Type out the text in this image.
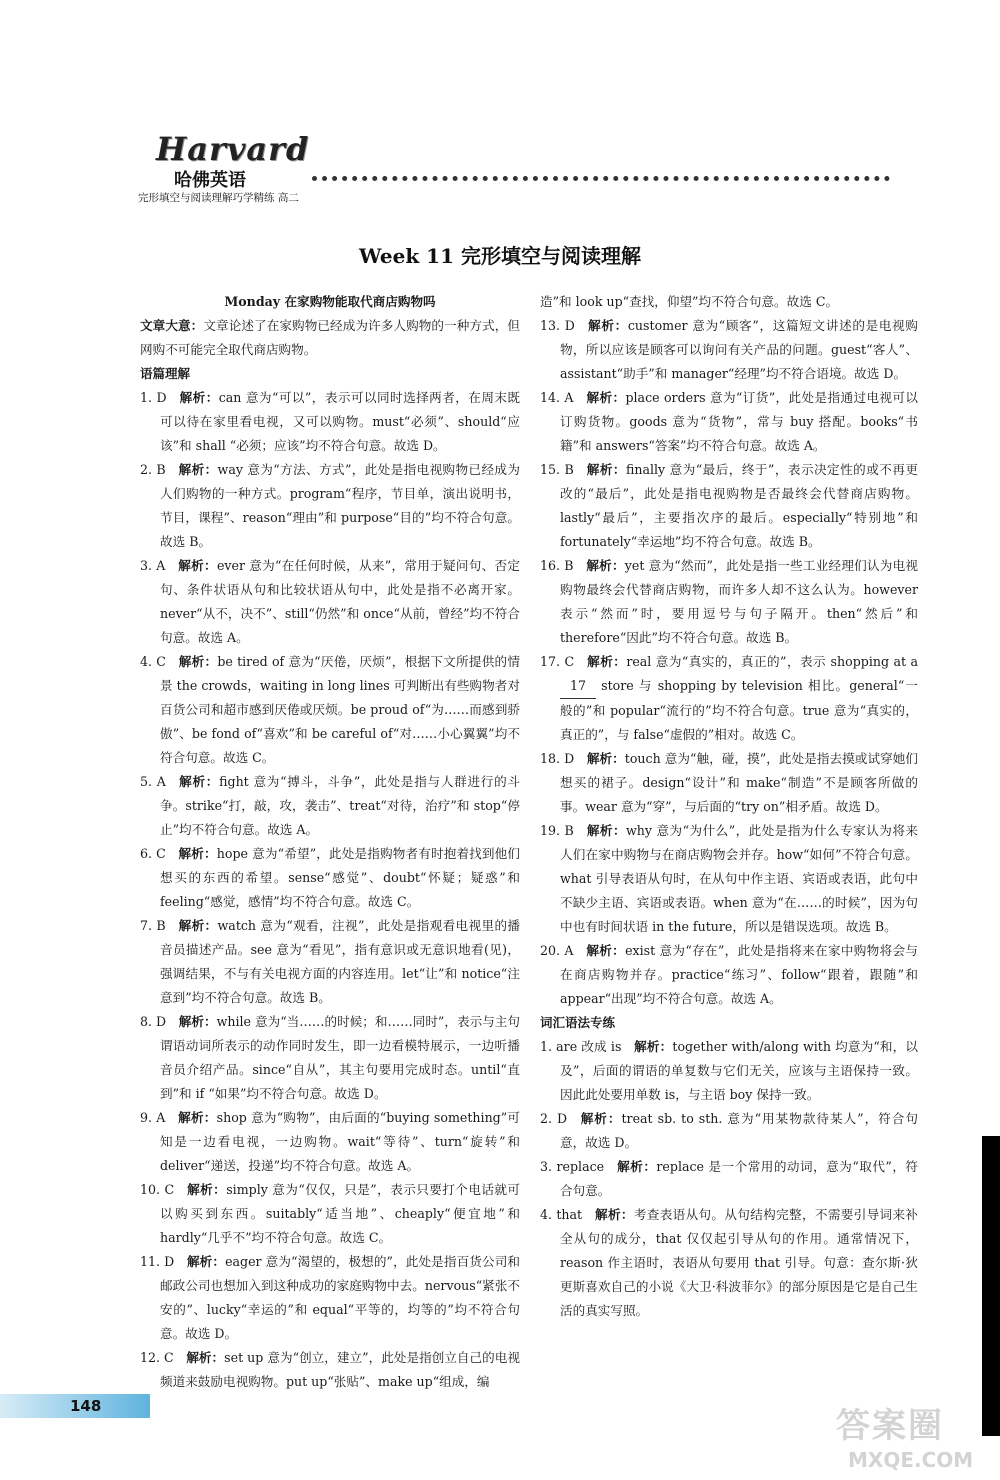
Harvard
哈佛英语
完形填空与阅读理解巧学精练 高二
Week 11 完形填空与阅读理解

Monday 在家购物能取代商店购物吗

文章大意：文章论述了在家购物已经成为许多人购物的一种方式，但网购不可能完全取代商店购物。

语篇理解

1. D  解析：can 意为“可以”，表示可以同时选择两者，在周末既可以待在家里看电视，又可以购物。must“必须”、should“应该”和 shall “必须；应该”均不符合句意。故选 D。

2. B  解析：way 意为“方法、方式”，此处是指电视购物已经成为人们购物的一种方式。program“程序，节目单，演出说明书，节目，课程”、reason“理由”和 purpose“目的”均不符合句意。故选 B。

3. A  解析：ever 意为“在任何时候，从来”，常用于疑问句、否定句、条件状语从句和比较状语从句中，此处是指不必离开家。never“从不，决不”、still“仍然”和 once“从前，曾经”均不符合句意。故选 A。

4. C  解析：be tired of 意为“厌倦，厌烦”，根据下文所提供的情景 the crowds，waiting in long lines 可判断出有些购物者对百货公司和超市感到厌倦或厌烦。be proud of“为……而感到骄傲”、be fond of“喜欢”和 be careful of“对……小心翼翼”均不符合句意。故选 C。

5. A  解析：fight 意为“搏斗，斗争”，此处是指与人群进行的斗争。strike“打，敲，攻，袭击”、treat“对待，治疗”和 stop“停止”均不符合句意。故选 A。

6. C  解析：hope 意为“希望”，此处是指购物者有时抱着找到他们想买的东西的希望。sense“感觉”、doubt“怀疑；疑惑”和 feeling“感觉，感情”均不符合句意。故选 C。

7. B  解析：watch 意为“观看，注视”，此处是指观看电视里的播音员描述产品。see 意为“看见”，指有意识或无意识地看(见)，强调结果，不与有关电视方面的内容连用。let“让”和 notice“注意到”均不符合句意。故选 B。

8. D  解析：while 意为“当……的时候；和……同时”，表示与主句谓语动词所表示的动作同时发生，即一边看模特展示，一边听播音员介绍产品。since“自从”，其主句要用完成时态。until“直到”和 if “如果”均不符合句意。故选 D。

9. A  解析：shop 意为“购物”，由后面的“buying something”可知是一边看电视，一边购物。wait“等待”、turn“旋转”和 deliver“递送，投递”均不符合句意。故选 A。

10. C  解析：simply 意为“仅仅，只是”，表示只要打个电话就可以购买到东西。suitably“适当地”、cheaply“便宜地”和 hardly“几乎不”均不符合句意。故选 C。

11. D  解析：eager 意为“渴望的，极想的”，此处是指百货公司和邮政公司也想加入到这种成功的家庭购物中去。nervous“紧张不安的”、lucky“幸运的”和 equal“平等的，均等的”均不符合句意。故选 D。

12. C  解析：set up 意为“创立，建立”，此处是指创立自己的电视频道来鼓励电视购物。put up“张贴”、make up“组成，编

造”和 look up“查找，仰望”均不符合句意。故选 C。

13. D  解析：customer 意为“顾客”，这篇短文讲述的是电视购物，所以应该是顾客可以询问有关产品的问题。guest“客人”、assistant“助手”和 manager“经理”均不符合语境。故选 D。

14. A  解析：place orders 意为“订货”，此处是指通过电视可以订购货物。goods 意为“货物”，常与 buy 搭配。books“书籍”和 answers“答案”均不符合句意。故选 A。

15. B  解析：finally 意为“最后，终于”，表示决定性的或不再更改的“最后”，此处是指电视购物是否最终会代替商店购物。lastly“最后”，主要指次序的最后。especially“特别地”和 fortunately“幸运地”均不符合句意。故选 B。

16. B  解析：yet 意为“然而”，此处是指一些工业经理们认为电视购物最终会代替商店购物，而许多人却不这么认为。however 表示“然而”时，要用逗号与句子隔开。then“然后”和 therefore“因此”均不符合句意。故选 B。

17. C  解析：real 意为“真实的，真正的”，表示 shopping at a 17 store 与 shopping by television 相比。general“一般的”和 popular“流行的”均不符合句意。true 意为“真实的，真正的”，与 false“虚假的”相对。故选 C。

18. D  解析：touch 意为“触，碰，摸”，此处是指去摸或试穿她们想买的裙子。design“设计”和 make“制造”不是顾客所做的事。wear 意为“穿”，与后面的“try on”相矛盾。故选 D。

19. B  解析：why 意为“为什么”，此处是指为什么专家认为将来人们在家中购物与在商店购物会并存。how“如何”不符合句意。what 引导表语从句时，在从句中作主语、宾语或表语，此句中不缺少主语、宾语或表语。when 意为“在……的时候”，因为句中也有时间状语 in the future，所以是错误选项。故选 B。

20. A  解析：exist 意为“存在”，此处是指将来在家中购物将会与在商店购物并存。practice“练习”、follow“跟着，跟随”和 appear“出现”均不符合句意。故选 A。

词汇语法专练

1. are 改成 is  解析：together with/along with 均意为“和，以及”，后面的谓语的单复数与它们无关，应该与主语保持一致。因此此处要用单数 is，与主语 boy 保持一致。

2. D  解析：treat sb. to sth. 意为“用某物款待某人”，符合句意，故选 D。

3. replace  解析：replace 是一个常用的动词，意为“取代”，符合句意。

4. that  解析：考查表语从句。从句结构完整，不需要引导词来补全从句的成分，that 仅仅起引导从句的作用。通常情况下，reason 作主语时，表语从句要用 that 引导。句意：查尔斯·狄更斯喜欢自己的小说《大卫·科波菲尔》的部分原因是它是自己生活的真实写照。

148	答案圈
MXQE.COM
